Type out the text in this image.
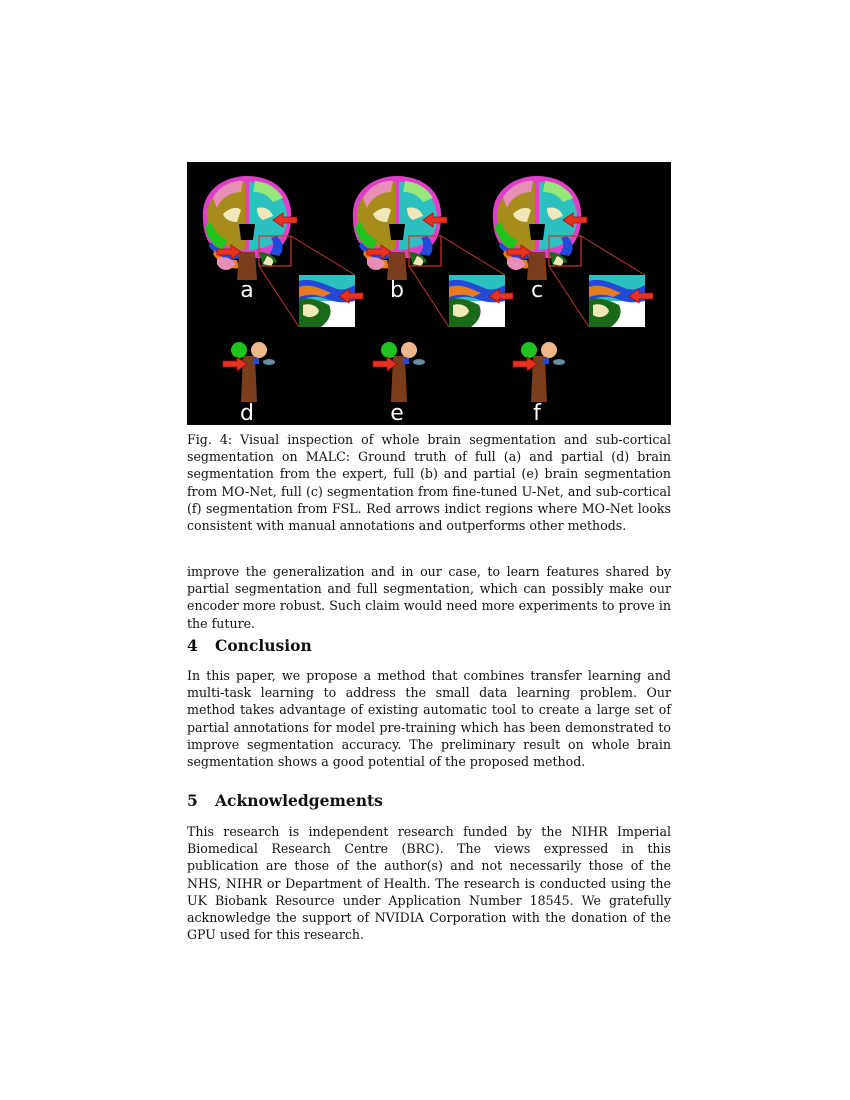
a
d
b
e
c
f
Fig. 4: Visual inspection of whole brain segmentation and sub-cortical segmentation on MALC: Ground truth of full (a) and partial (d) brain segmentation from the expert, full (b) and partial (e) brain segmentation from MO-Net, full (c) segmentation from fine-tuned U-Net, and sub-cortical (f) segmentation from FSL. Red arrows indict regions where MO-Net looks consistent with manual annotations and outperforms other methods.

improve the generalization and in our case, to learn features shared by partial segmentation and full segmentation, which can possibly make our encoder more robust. Such claim would need more experiments to prove in the future.

4 Conclusion

In this paper, we propose a method that combines transfer learning and multi-task learning to address the small data learning problem. Our method takes advantage of existing automatic tool to create a large set of partial annotations for model pre-training which has been demonstrated to improve segmentation accuracy. The preliminary result on whole brain segmentation shows a good potential of the proposed method.

5 Acknowledgements

This research is independent research funded by the NIHR Imperial Biomedical Research Centre (BRC). The views expressed in this publication are those of the author(s) and not necessarily those of the NHS, NIHR or Department of Health. The research is conducted using the UK Biobank Resource under Application Number 18545. We gratefully acknowledge the support of NVIDIA Corporation with the donation of the GPU used for this research.
